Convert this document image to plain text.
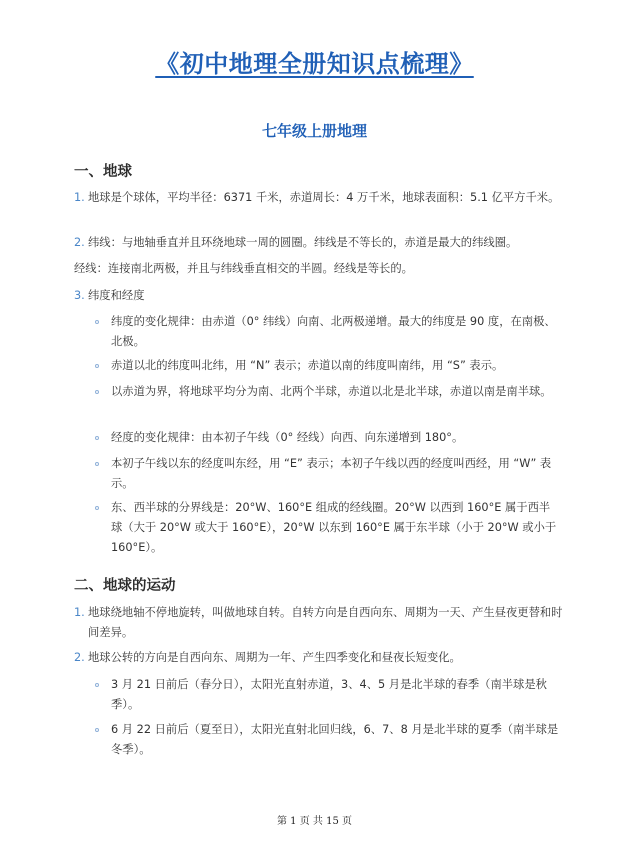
《初中地理全册知识点梳理》
七年级上册地理
一、地球
1. 地球是个球体，平均半径：6371 千米，赤道周长：4 万千米，地球表面积：5.1 亿平方千米。
2. 纬线：与地轴垂直并且环绕地球一周的圆圈。纬线是不等长的，赤道是最大的纬线圈。
经线：连接南北两极，并且与纬线垂直相交的半圆。经线是等长的。
3. 纬度和经度
纬度的变化规律：由赤道（0° 纬线）向南、北两极递增。最大的纬度是 90 度，在南极、北极。
赤道以北的纬度叫北纬，用 “N” 表示；赤道以南的纬度叫南纬，用 “S” 表示。
以赤道为界，将地球平均分为南、北两个半球，赤道以北是北半球，赤道以南是南半球。
经度的变化规律：由本初子午线（0° 经线）向西、向东递增到 180°。
本初子午线以东的经度叫东经，用 “E” 表示；本初子午线以西的经度叫西经，用 “W” 表示。
东、西半球的分界线是：20°W、160°E 组成的经线圈。20°W 以西到 160°E 属于西半球（大于 20°W 或大于 160°E），20°W 以东到 160°E 属于东半球（小于 20°W 或小于 160°E）。
二、地球的运动
1. 地球绕地轴不停地旋转，叫做地球自转。自转方向是自西向东、周期为一天、产生昼夜更替和时间差异。
2. 地球公转的方向是自西向东、周期为一年、产生四季变化和昼夜长短变化。
3 月 21 日前后（春分日），太阳光直射赤道，3、4、5 月是北半球的春季（南半球是秋季）。
6 月 22 日前后（夏至日），太阳光直射北回归线，6、7、8 月是北半球的夏季（南半球是冬季）。
第 1 页 共 15 页
